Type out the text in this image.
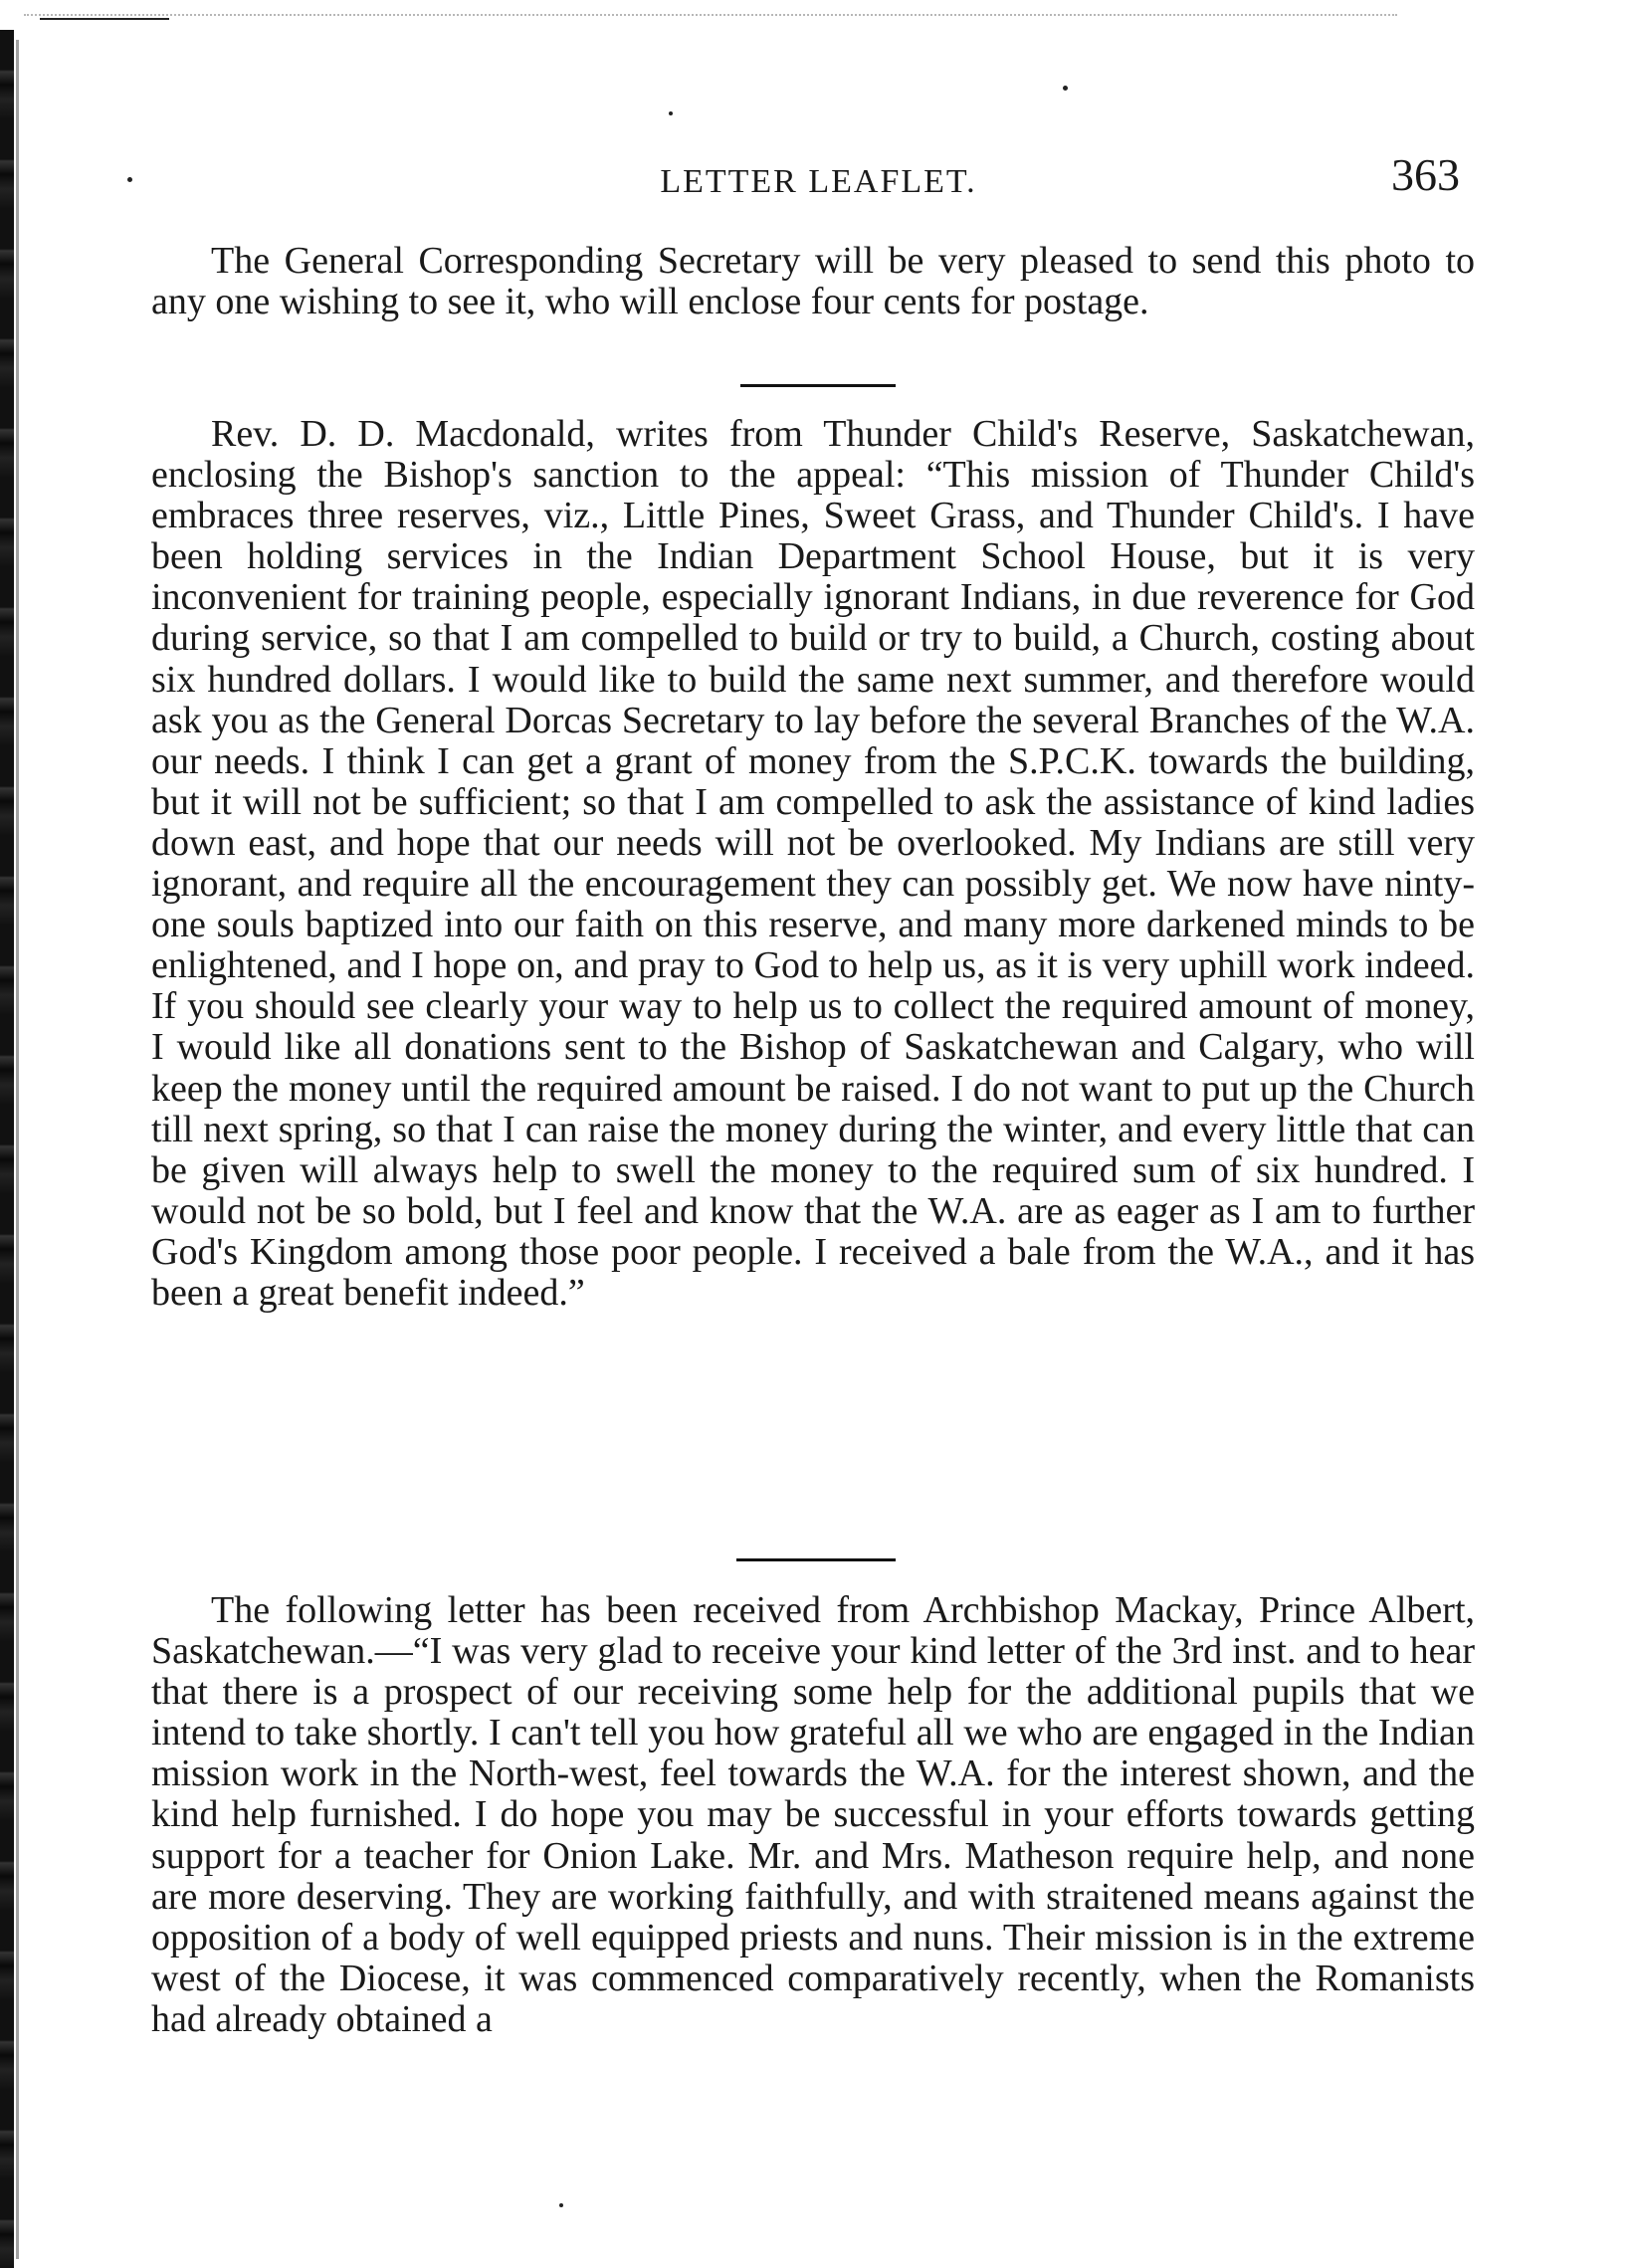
LETTER LEAFLET.	363

The General Corresponding Secretary will be very pleased to send this photo to any one wishing to see it, who will enclose four cents for postage.

Rev. D. D. Macdonald, writes from Thunder Child's Reserve, Saskatchewan, enclosing the Bishop's sanction to the appeal: “This mission of Thunder Child's embraces three reserves, viz., Little Pines, Sweet Grass, and Thunder Child's. I have been holding services in the Indian Department School House, but it is very inconvenient for training people, especially ignorant Indians, in due reverence for God during service, so that I am compelled to build or try to build, a Church, costing about six hundred dollars. I would like to build the same next summer, and therefore would ask you as the General Dorcas Secretary to lay before the several Branches of the W.A. our needs. I think I can get a grant of money from the S.P.C.K. towards the building, but it will not be sufficient; so that I am compelled to ask the assistance of kind ladies down east, and hope that our needs will not be overlooked. My Indians are still very ignorant, and require all the encouragement they can possibly get. We now have ninty-one souls baptized into our faith on this reserve, and many more darkened minds to be enlightened, and I hope on, and pray to God to help us, as it is very uphill work indeed. If you should see clearly your way to help us to collect the required amount of money, I would like all donations sent to the Bishop of Saskatchewan and Calgary, who will keep the money until the required amount be raised. I do not want to put up the Church till next spring, so that I can raise the money during the winter, and every little that can be given will always help to swell the money to the required sum of six hundred. I would not be so bold, but I feel and know that the W.A. are as eager as I am to further God's Kingdom among those poor people. I received a bale from the W.A., and it has been a great benefit indeed.”

The following letter has been received from Archbishop Mackay, Prince Albert, Saskatchewan.—“I was very glad to receive your kind letter of the 3rd inst. and to hear that there is a prospect of our receiving some help for the additional pupils that we intend to take shortly. I can't tell you how grateful all we who are engaged in the Indian mission work in the North-west, feel towards the W.A. for the interest shown, and the kind help furnished. I do hope you may be successful in your efforts towards getting support for a teacher for Onion Lake. Mr. and Mrs. Matheson require help, and none are more deserving. They are working faithfully, and with straitened means against the opposition of a body of well equipped priests and nuns. Their mission is in the extreme west of the Diocese, it was commenced comparatively recently, when the Romanists had already obtained a
